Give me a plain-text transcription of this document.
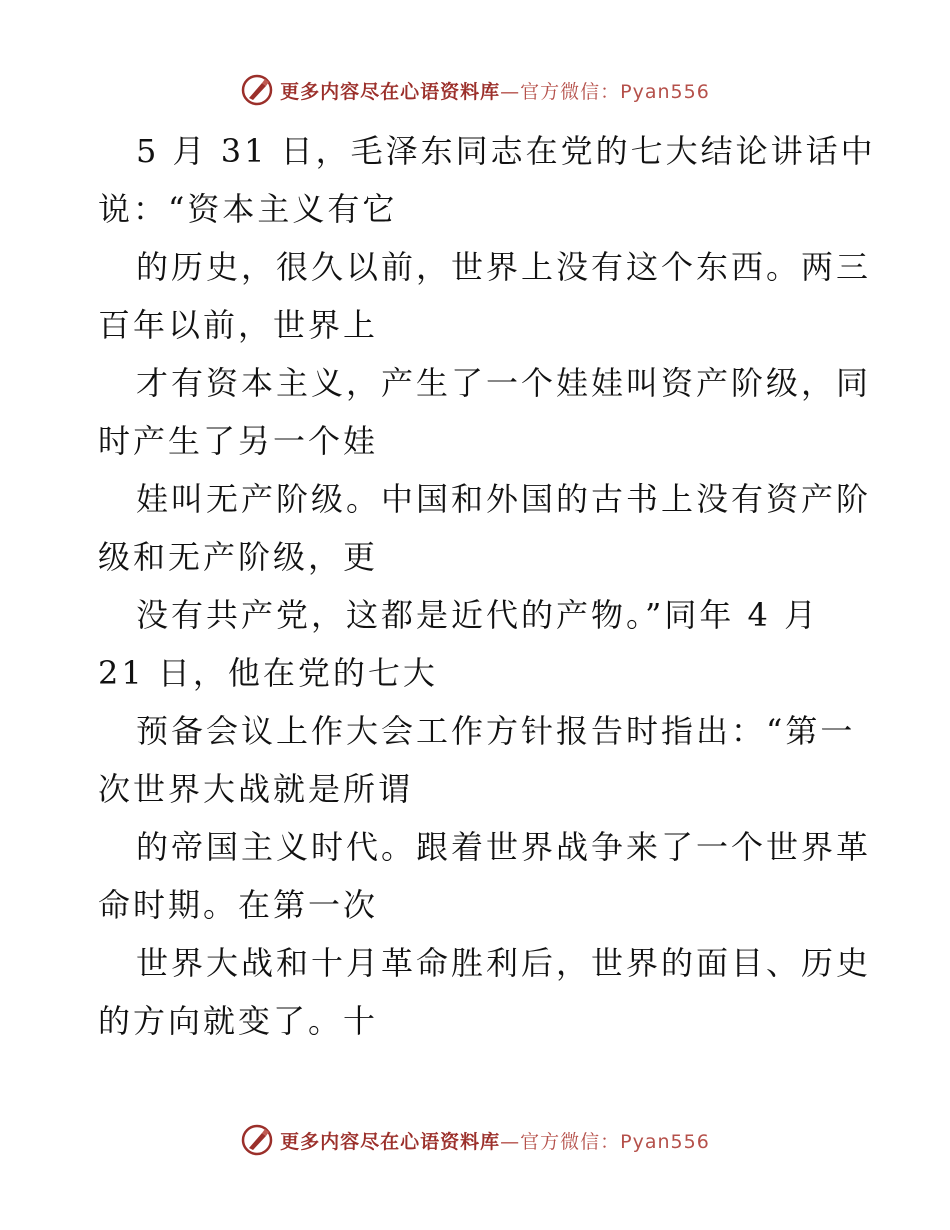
更多内容尽在心语资料库—官方微信：Pyan556

5 月 31 日，毛泽东同志在党的七大结论讲话中
说：“资本主义有它

的历史，很久以前，世界上没有这个东西。两三
百年以前，世界上

才有资本主义，产生了一个娃娃叫资产阶级，同
时产生了另一个娃

娃叫无产阶级。中国和外国的古书上没有资产阶
级和无产阶级，更

没有共产党，这都是近代的产物。”同年 4 月
21 日，他在党的七大

预备会议上作大会工作方针报告时指出：“第一
次世界大战就是所谓

的帝国主义时代。跟着世界战争来了一个世界革
命时期。在第一次

世界大战和十月革命胜利后，世界的面目、历史
的方向就变了。十

更多内容尽在心语资料库—官方微信：Pyan556
